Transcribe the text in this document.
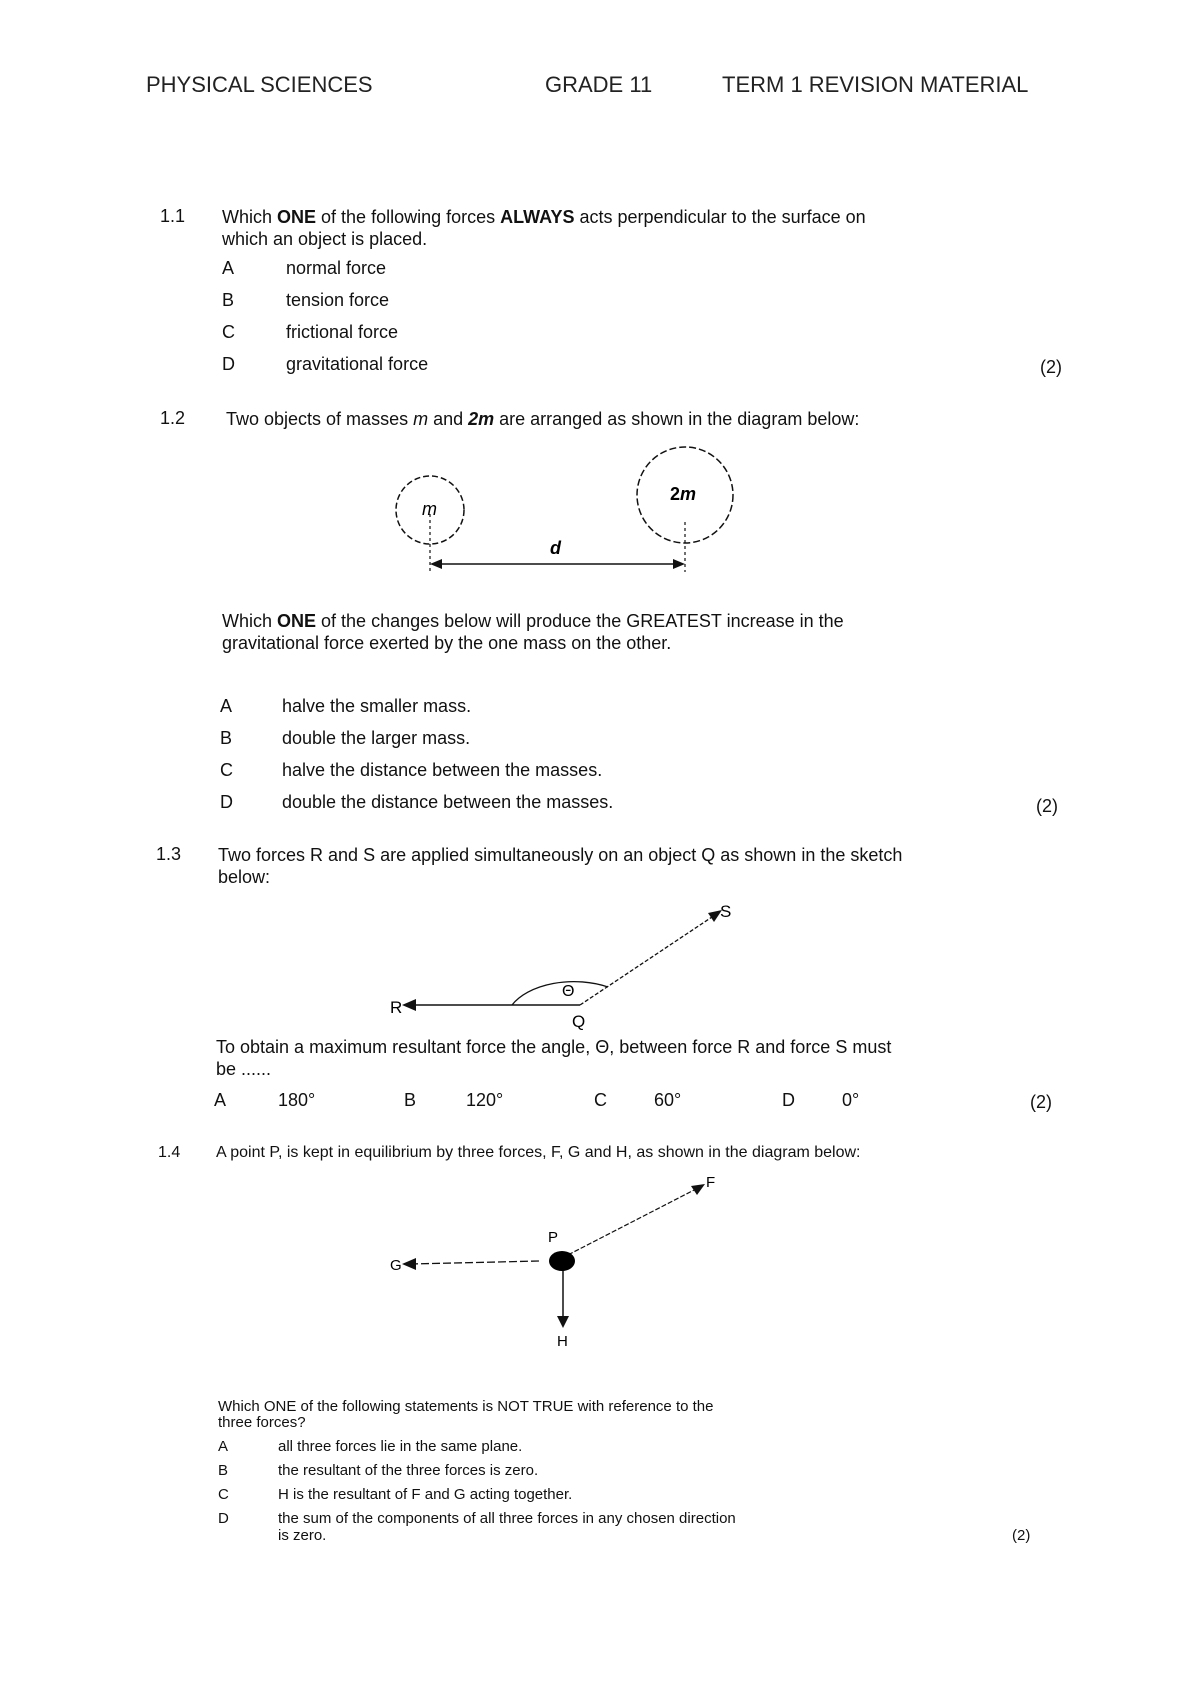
PHYSICAL SCIENCES	GRADE 11	TERM 1 REVISION MATERIAL
1.1 Which ONE of the following forces ALWAYS acts perpendicular to the surface on
which an object is placed.
A	normal force
B	tension force
C	frictional force
D	gravitational force	(2)
1.2 Two objects of masses m and 2m are arranged as shown in the diagram below:
m
2m
d
Which ONE of the changes below will produce the GREATEST increase in the
gravitational force exerted by the one mass on the other.
A	halve the smaller mass.
B	double the larger mass.
C	halve the distance between the masses.
D	double the distance between the masses.	(2)
1.3 Two forces R and S are applied simultaneously on an object Q as shown in the sketch
below:
R
S
Q
Θ
To obtain a maximum resultant force the angle, Θ, between force R and force S must
be ......
A	180°	B	120°	C	60°	D	0°	(2)
1.4 A point P, is kept in equilibrium by three forces, F, G and H, as shown in the diagram below:
P
F
G
H
Which ONE of the following statements is NOT TRUE with reference to the
three forces?
A	all three forces lie in the same plane.
B	the resultant of the three forces is zero.
C	H is the resultant of F and G acting together.
D	the sum of the components of all three forces in any chosen direction
is zero.	(2)
